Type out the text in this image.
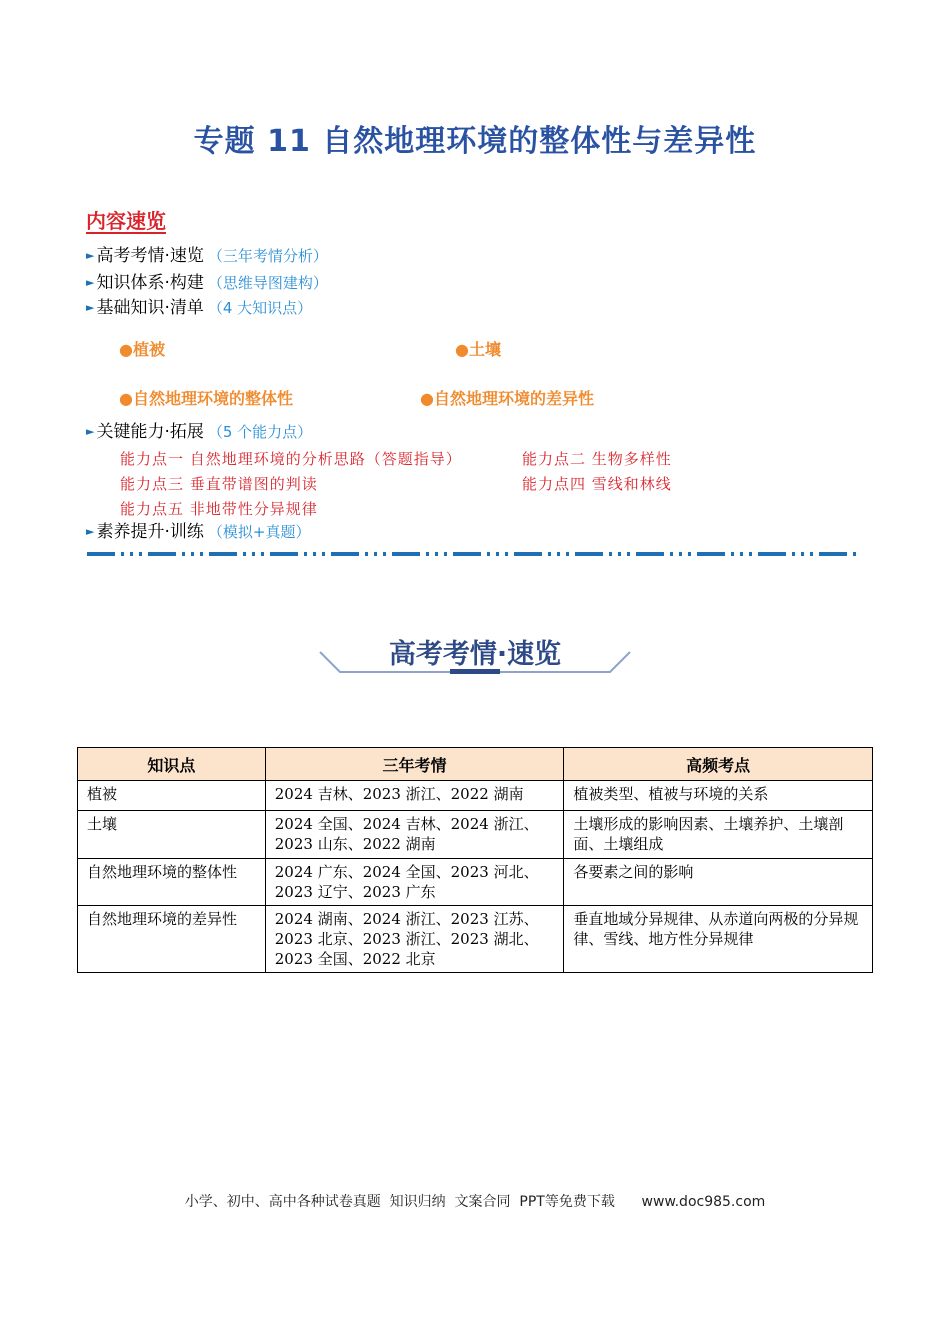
专题 11 自然地理环境的整体性与差异性
内容速览
► 高考考情·速览 （三年考情分析）
► 知识体系·构建 （思维导图建构）
► 基础知识·清单 （4 大知识点）
●植被	●土壤
●自然地理环境的整体性	●自然地理环境的差异性
► 关键能力·拓展 （5 个能力点）
能力点一 自然地理环境的分析思路（答题指导）	能力点二 生物多样性
能力点三 垂直带谱图的判读	能力点四 雪线和林线
能力点五 非地带性分异规律
► 素养提升·训练 （模拟+真题）
高考考情·速览
知识点	三年考情	高频考点
植被	2024 吉林、2023 浙江、2022 湖南	植被类型、植被与环境的关系
土壤	2024 全国、2024 吉林、2024 浙江、2023 山东、2022 湖南	土壤形成的影响因素、土壤养护、土壤剖面、土壤组成
自然地理环境的整体性	2024 广东、2024 全国、2023 河北、2023 辽宁、2023 广东	各要素之间的影响
自然地理环境的差异性	2024 湖南、2024 浙江、2023 江苏、2023 北京、2023 浙江、2023 湖北、2023 全国、2022 北京	垂直地域分异规律、从赤道向两极的分异规律、雪线、地方性分异规律
小学、初中、高中各种试卷真题  知识归纳  文案合同  PPT等免费下载      www.doc985.com
